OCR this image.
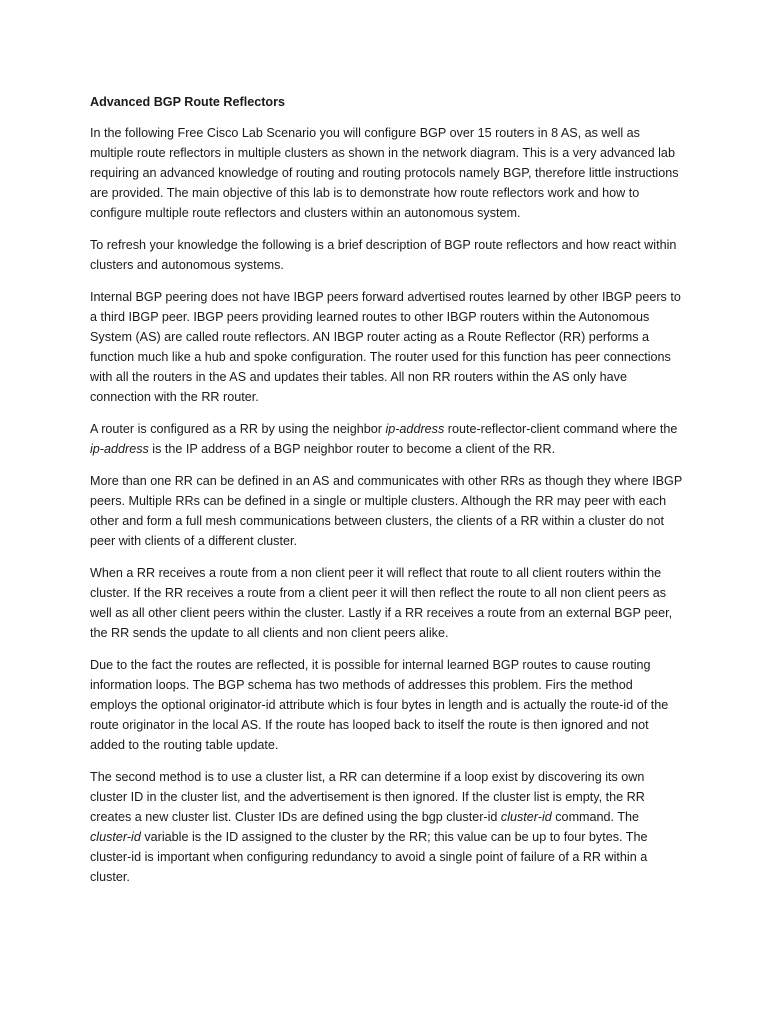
Advanced BGP Route Reflectors

In the following Free Cisco Lab Scenario you will configure BGP over 15 routers in 8 AS, as well as multiple route reflectors in multiple clusters as shown in the network diagram. This is a very advanced lab requiring an advanced knowledge of routing and routing protocols namely BGP, therefore little instructions are provided. The main objective of this lab is to demonstrate how route reflectors work and how to configure multiple route reflectors and clusters within an autonomous system.

To refresh your knowledge the following is a brief description of BGP route reflectors and how react within clusters and autonomous systems.

Internal BGP peering does not have IBGP peers forward advertised routes learned by other IBGP peers to a third IBGP peer. IBGP peers providing learned routes to other IBGP routers within the Autonomous System (AS) are called route reflectors. AN IBGP router acting as a Route Reflector (RR) performs a function much like a hub and spoke configuration. The router used for this function has peer connections with all the routers in the AS and updates their tables. All non RR routers within the AS only have connection with the RR router.

A router is configured as a RR by using the neighbor ip-address route-reflector-client command where the ip-address is the IP address of a BGP neighbor router to become a client of the RR.

More than one RR can be defined in an AS and communicates with other RRs as though they where IBGP peers. Multiple RRs can be defined in a single or multiple clusters. Although the RR may peer with each other and form a full mesh communications between clusters, the clients of a RR within a cluster do not peer with clients of a different cluster.

When a RR receives a route from a non client peer it will reflect that route to all client routers within the cluster. If the RR receives a route from a client peer it will then reflect the route to all non client peers as well as all other client peers within the cluster. Lastly if a RR receives a route from an external BGP peer, the RR sends the update to all clients and non client peers alike.

Due to the fact the routes are reflected, it is possible for internal learned BGP routes to cause routing information loops. The BGP schema has two methods of addresses this problem. Firs the method employs the optional originator-id attribute which is four bytes in length and is actually the route-id of the route originator in the local AS. If the route has looped back to itself the route is then ignored and not added to the routing table update.

The second method is to use a cluster list, a RR can determine if a loop exist by discovering its own cluster ID in the cluster list, and the advertisement is then ignored. If the cluster list is empty, the RR creates a new cluster list. Cluster IDs are defined using the bgp cluster-id cluster-id command. The cluster-id variable is the ID assigned to the cluster by the RR; this value can be up to four bytes. The cluster-id is important when configuring redundancy to avoid a single point of failure of a RR within a cluster.
